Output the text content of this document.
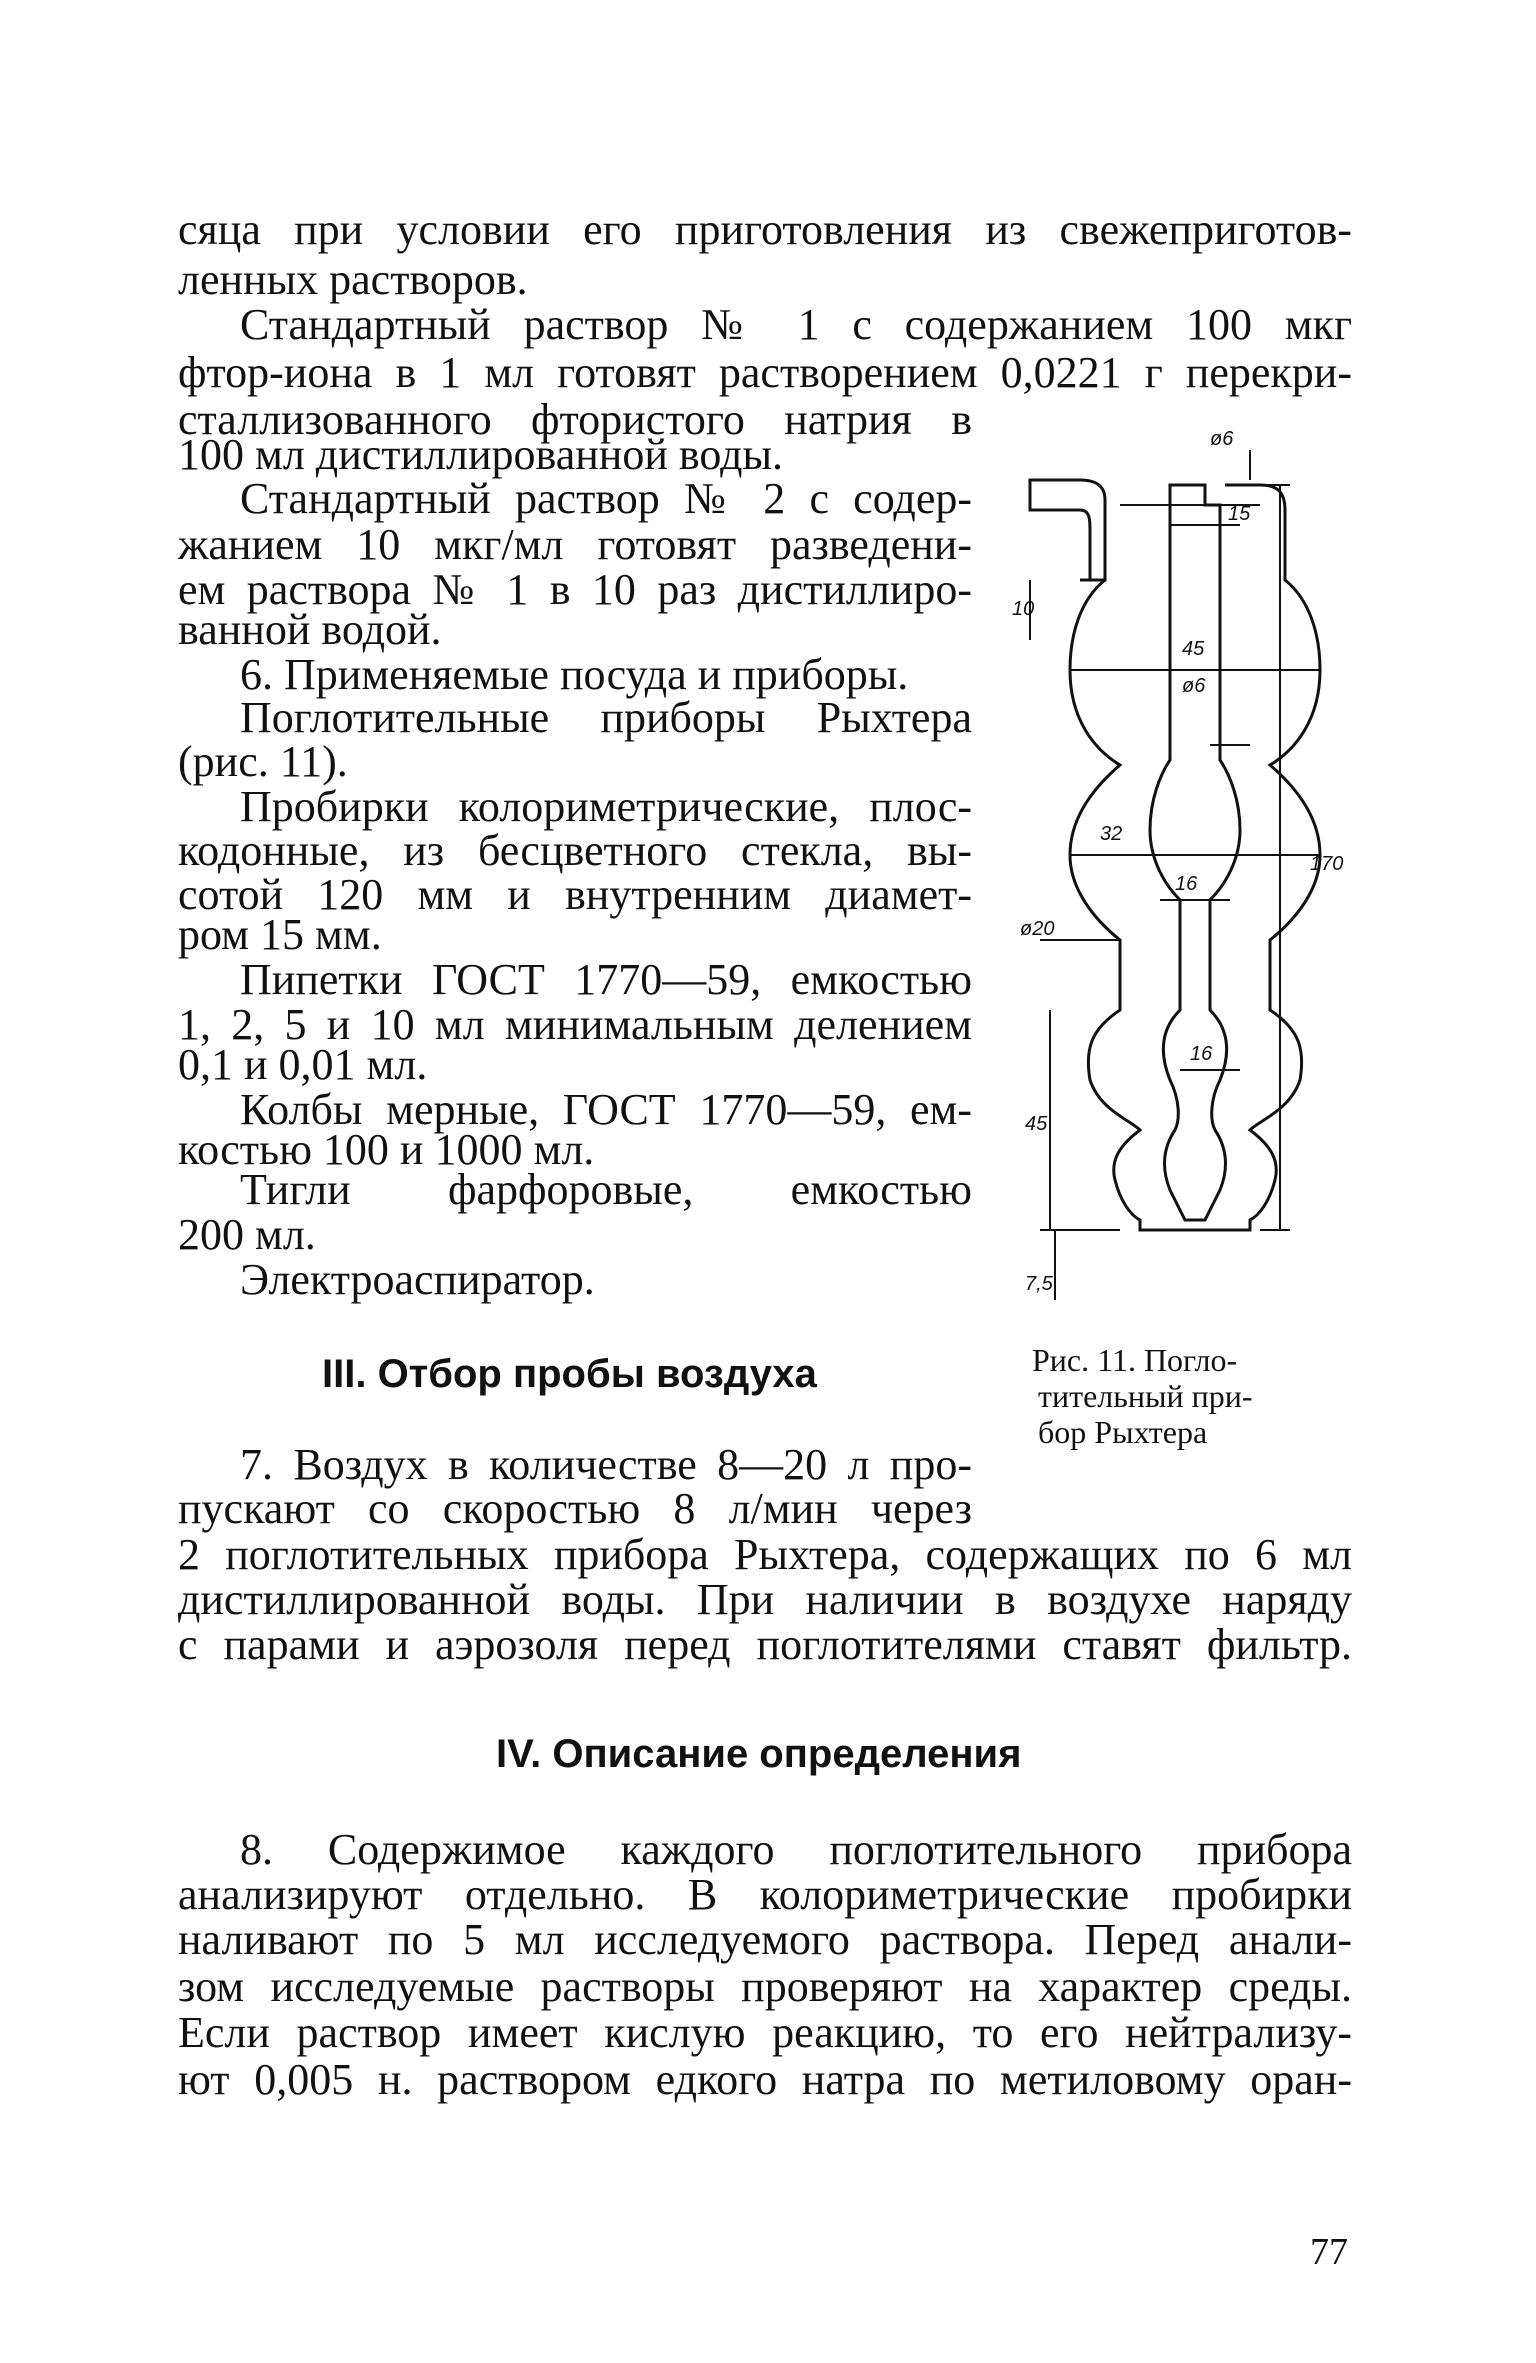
сяца при условии его приготовления из свежеприготов-
ленных растворов.
Стандартный раствор № 1 с содержанием 100 мкг
фтор-иона в 1 мл готовят растворением 0,0221 г перекри-
сталлизованного фтористого натрия в
100 мл дистиллированной воды.
Стандартный раствор № 2 с содер-
жанием 10 мкг/мл готовят разведени-
ем раствора № 1 в 10 раз дистиллиро-
ванной водой.
6. Применяемые посуда и приборы.
Поглотительные приборы Рыхтера
(рис. 11).
Пробирки колориметрические, плос-
кодонные, из бесцветного стекла, вы-
сотой 120 мм и внутренним диамет-
ром 15 мм.
Пипетки ГОСТ 1770—59, емкостью
1, 2, 5 и 10 мл минимальным делением
0,1 и 0,01 мл.
Колбы мерные, ГОСТ 1770—59, ем-
костью 100 и 1000 мл.
Тигли фарфоровые, емкостью
200 мл.
Электроаспиратор.
III. Отбор пробы воздуха
7. Воздух в количестве 8—20 л про-
пускают со скоростью 8 л/мин через
2 поглотительных прибора Рыхтера, содержащих по 6 мл
дистиллированной воды. При наличии в воздухе наряду
с парами и аэрозоля перед поглотителями ставят фильтр.
IV. Описание определения
8. Содержимое каждого поглотительного прибора
анализируют отдельно. В колориметрические пробирки
наливают по 5 мл исследуемого раствора. Перед анали-
зом исследуемые растворы проверяют на характер среды.
Если раствор имеет кислую реакцию, то его нейтрализу-
ют 0,005 н. раствором едкого натра по метиловому оран-
ø6
10
15
45
ø6
32
16
ø20
170
45
16
7,5
Рис. 11. Погло-
тительный при-
бор Рыхтера
77
